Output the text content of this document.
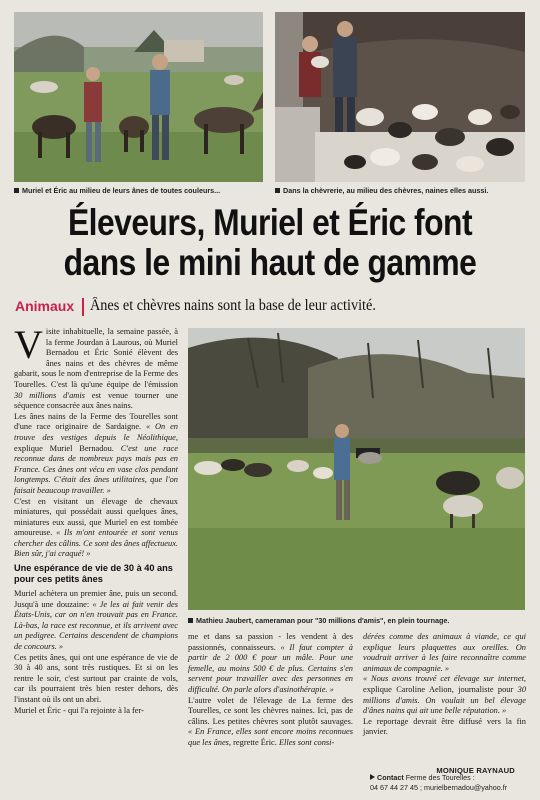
Muriel et Éric au milieu de leurs ânes de toutes couleurs...	Dans la chèvrerie, au milieu des chèvres, naines elles aussi.
Éleveurs, Muriel et Éric font
dans le mini haut de gamme
Animaux Ânes et chèvres nains sont la base de leur activité.
Mathieu Jaubert, cameraman pour "30 millions d'amis", en plein tournage.

Visite inhabituelle, la semaine passée, à la ferme Jourdan à Laurous, où Muriel Bernadou et Éric Sonié élèvent des ânes nains et des chèvres de même gabarit, sous le nom d'entreprise de la Ferme des Tourelles. C'est là qu'une équipe de l'émission 30 millions d'amis est venue tourner une séquence consacrée aux ânes nains.

Les ânes nains de la Ferme des Tourelles sont d'une race originaire de Sardaigne. « On en trouve des vestiges depuis le Néolithique, explique Muriel Bernadou. C'est une race reconnue dans de nombreux pays mais pas en France. Ces ânes ont vécu en vase clos pendant longtemps. C'était des ânes utilitaires, que l'on faisait beaucoup travailler. »

C'est en visitant un élevage de chevaux miniatures, qui possédait aussi quelques ânes, miniatures eux aussi, que Muriel en est tombée amoureuse. « Ils m'ont entourée et sont venus chercher des câlins. Ce sont des ânes affectueux. Bien sûr, j'ai craqué! »

Une espérance de vie de 30 à 40 ans pour ces petits ânes

Muriel achètera un premier âne, puis un second. Jusqu'à une douzaine: « Je les ai fait venir des États-Unis, car on n'en trouvait pas en France. Là-bas, la race est reconnue, et ils arrivent avec un pedigree. Certains descendent de champions de concours. »

Ces petits ânes, qui ont une espérance de vie de 30 à 40 ans, sont très rustiques. Et si on les rentre le soir, c'est surtout par crainte de vols, car ils pourraient très bien rester dehors, dès l'instant où ils ont un abri.

Muriel et Éric - qui l'a rejointe à la fer-

me et dans sa passion - les vendent à des passionnés, connaisseurs. « Il faut compter à partir de 2 000 € pour un mâle. Pour une femelle, au moins 500 € de plus. Certains s'en servent pour travailler avec des personnes en difficulté. On parle alors d'asinothérapie. »

L'autre volet de l'élevage de La ferme des Tourelles, ce sont les chèvres naines. Ici, pas de câlins. Les petites chèvres sont plutôt sauvages. « En France, elles sont encore moins reconnues que les ânes, regrette Éric. Elles sont consi-

dérées comme des animaux à viande, ce qui explique leurs plaquettes aux oreilles. On voudrait arriver à les faire reconnaître comme animaux de compagnie. »

« Nous avons trouvé cet élevage sur internet, explique Caroline Aelion, journaliste pour 30 millions d'amis. On voulait un bel élevage d'ânes nains qui ait une belle réputation. »

Le reportage devrait être diffusé vers la fin janvier.

MONIQUE RAYNAUD
Contact Ferme des Tourelles :
04 67 44 27 45 ; murielbernadou@yahoo.fr
